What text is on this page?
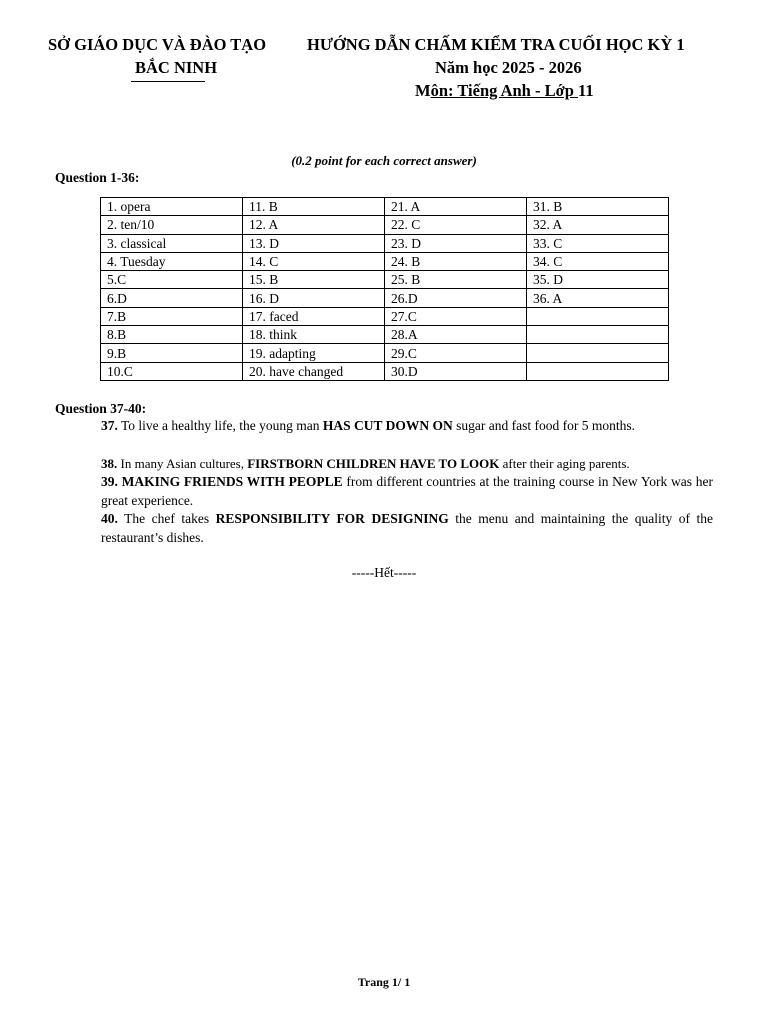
SỞ GIÁO DỤC VÀ ĐÀO TẠO
BẮC NINH
HƯỚNG DẪN CHẤM KIỂM TRA CUỐI HỌC KỲ 1
Năm học 2025 - 2026
Môn: Tiếng Anh - Lớp 11
(0.2 point for each correct answer)
Question 1-36:
1. opera	11. B	21. A	31. B
2. ten/10	12. A	22. C	32. A
3. classical	13. D	23. D	33. C
4. Tuesday	14. C	24. B	34. C
5.C	15. B	25. B	35. D
6.D	16. D	26.D	36. A
7.B	17. faced	27.C	
8.B	18. think	28.A	
9.B	19. adapting	29.C	
10.C	20. have changed	30.D	
Question 37-40:
37. To live a healthy life, the young man HAS CUT DOWN ON sugar and fast food for 5 months.
38. In many Asian cultures, FIRSTBORN CHILDREN HAVE TO LOOK after their aging parents.
39. MAKING FRIENDS WITH PEOPLE from different countries at the training course in New York was her great experience.
40. The chef takes RESPONSIBILITY FOR DESIGNING the menu and maintaining the quality of the restaurant’s dishes.
-----Hết-----
Trang 1/ 1
